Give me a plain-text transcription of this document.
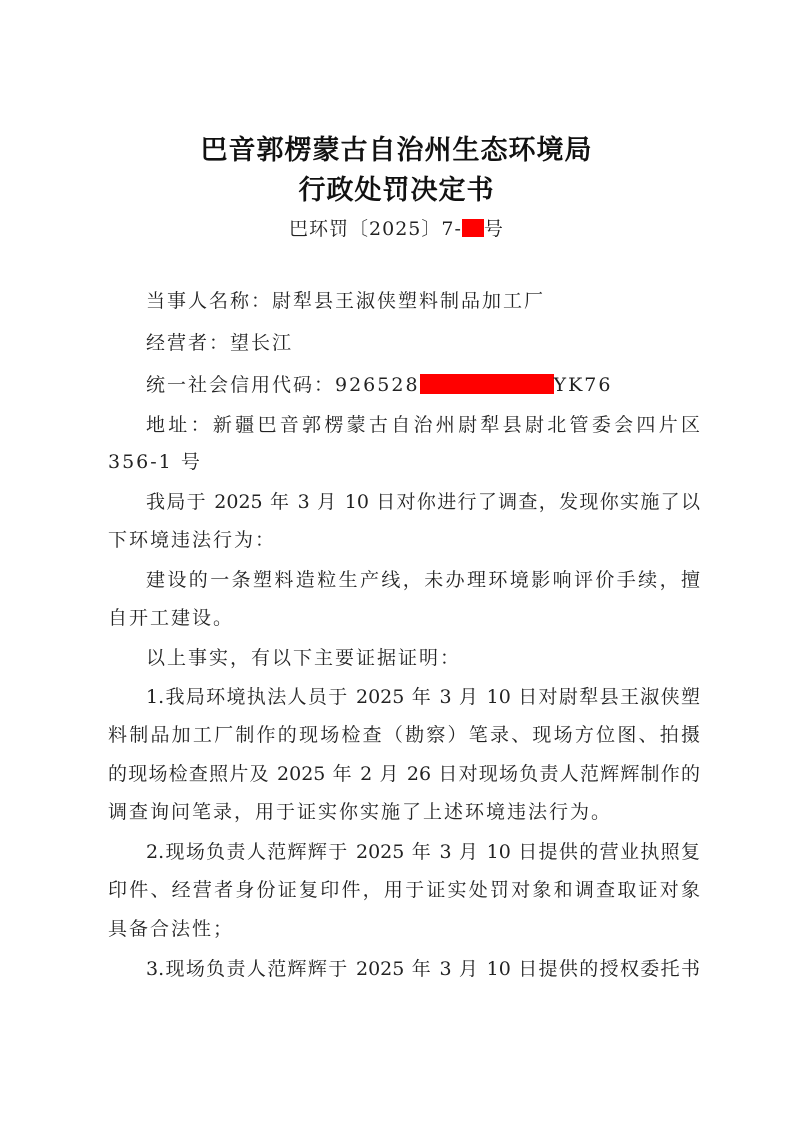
巴音郭楞蒙古自治州生态环境局
行政处罚决定书
巴环罚〔2025〕7- 号
当事人名称：尉犁县王淑侠塑料制品加工厂
经营者：望长江
统一社会信用代码：926528	YK76
地址：新疆巴音郭楞蒙古自治州尉犁县尉北管委会四片区
356-1 号
我局于 2025 年 3 月 10 日对你进行了调查，发现你实施了以
下环境违法行为：
建设的一条塑料造粒生产线，未办理环境影响评价手续，擅
自开工建设。
以上事实，有以下主要证据证明：
1.我局环境执法人员于 2025 年 3 月 10 日对尉犁县王淑侠塑
料制品加工厂制作的现场检查（勘察）笔录、现场方位图、拍摄
的现场检查照片及 2025 年 2 月 26 日对现场负责人范辉辉制作的
调查询问笔录，用于证实你实施了上述环境违法行为。
2.现场负责人范辉辉于 2025 年 3 月 10 日提供的营业执照复
印件、经营者身份证复印件，用于证实处罚对象和调查取证对象
具备合法性；
3.现场负责人范辉辉于 2025 年 3 月 10 日提供的授权委托书
